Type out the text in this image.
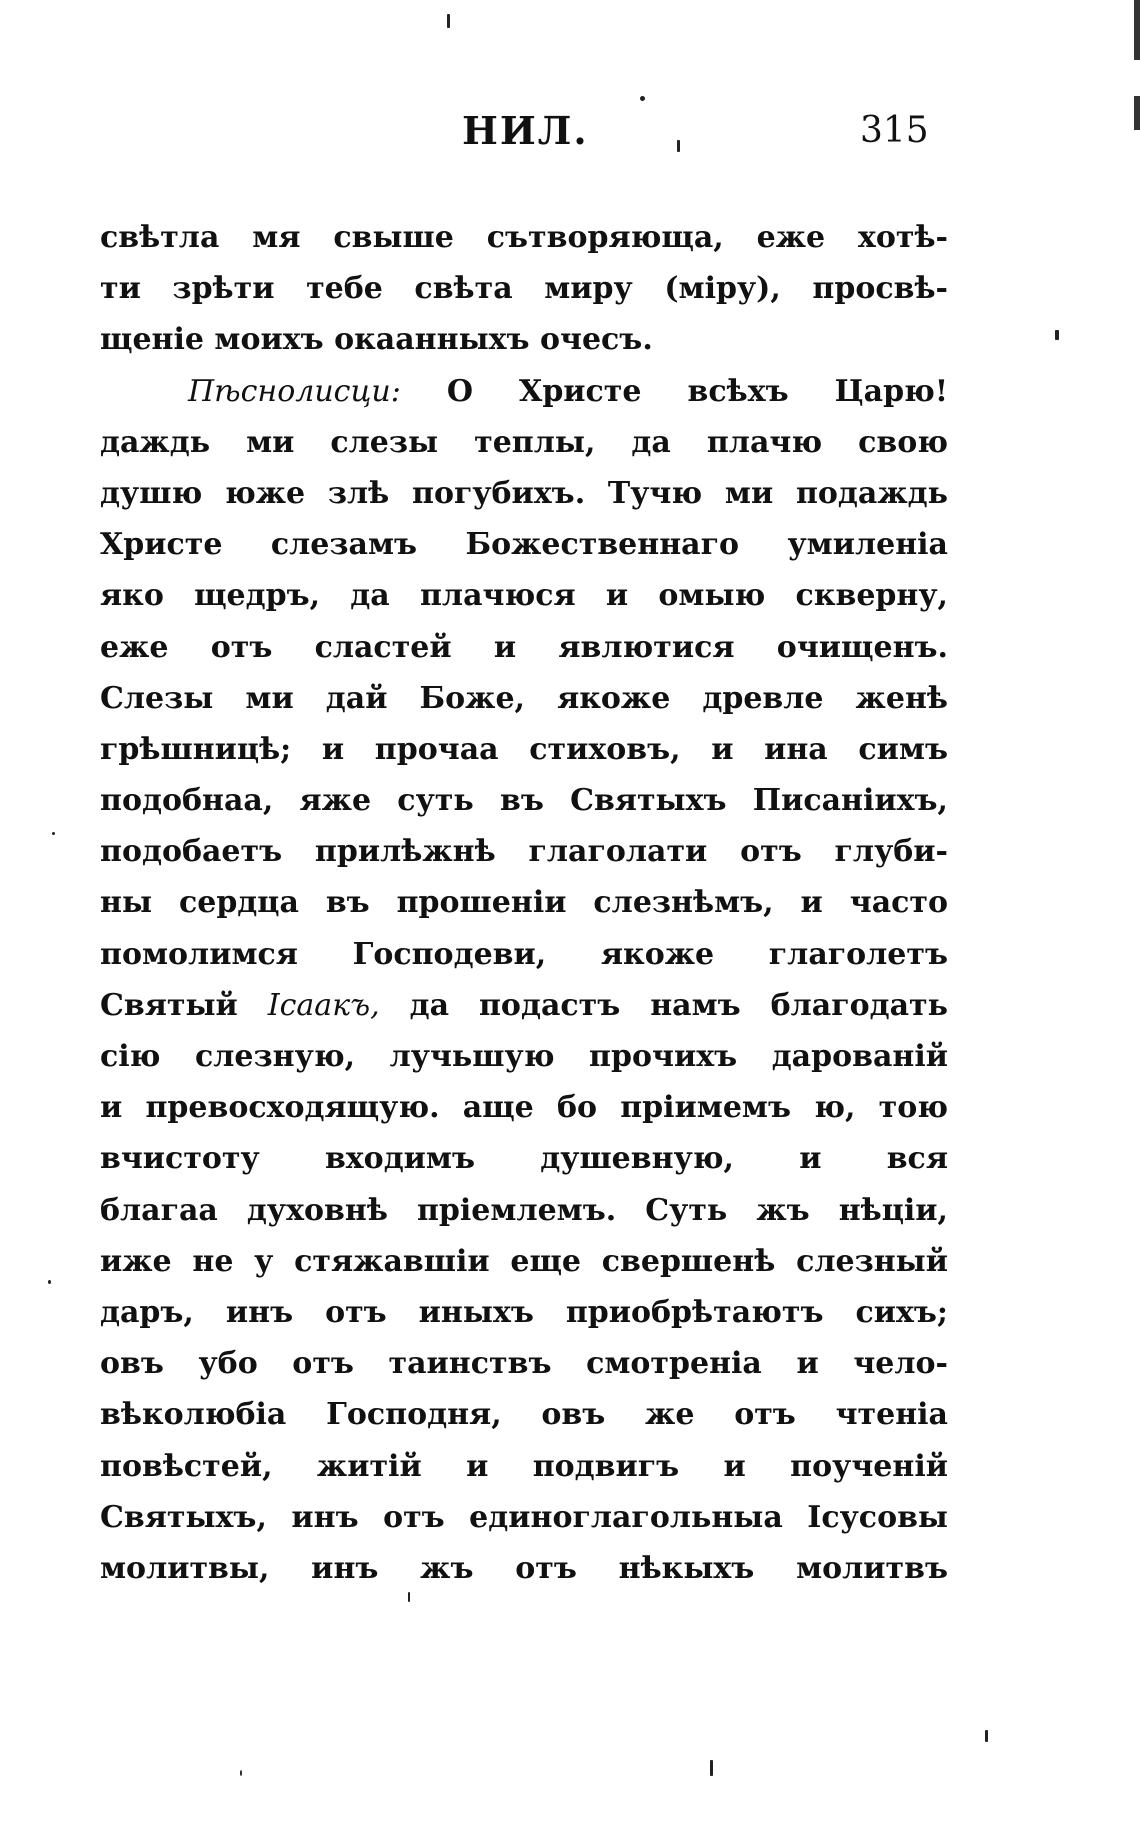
НИЛ.	315
свѣтла мя свыше сътворяюща, еже хотѣ-
ти зрѣти тебе свѣта миру (міру), просвѣ-
щеніе моихъ окаанныхъ очесъ.
Пѣснолисци: О Христе всѣхъ Царю!
даждь ми слезы теплы, да плачю свою
душю юже злѣ погубихъ. Тучю ми подаждь
Христе слезамъ Божественнаго умиленіа
яко щедръ, да плачюся и омыю скверну,
еже отъ сластей и явлютися очищенъ.
Слезы ми дай Боже, якоже древле женѣ
грѣшницѣ; и прочаа стиховъ, и ина симъ
подобнаа, яже суть въ Святыхъ Писаніихъ,
подобаетъ прилѣжнѣ глаголати отъ глуби-
ны сердца въ прошеніи слезнѣмъ, и часто
помолимся Господеви, якоже глаголетъ
Святый Ісаакъ, да подастъ намъ благодать
сію слезную, лучьшую прочихъ дарованій
и превосходящую. аще бо пріимемъ ю, тою
вчистоту входимъ душевную, и вся
благаа духовнѣ пріемлемъ. Суть жъ нѣціи,
иже не у стяжавшіи еще свершенѣ слезный
даръ, инъ отъ иныхъ приобрѣтаютъ сихъ;
овъ убо отъ таинствъ смотреніа и чело-
вѣколюбіа Господня, овъ же отъ чтеніа
повѣстей, житій и подвигъ и поученій
Святыхъ, инъ отъ единоглагольныа Ісусовы
молитвы, инъ жъ отъ нѣкыхъ молитвъ
